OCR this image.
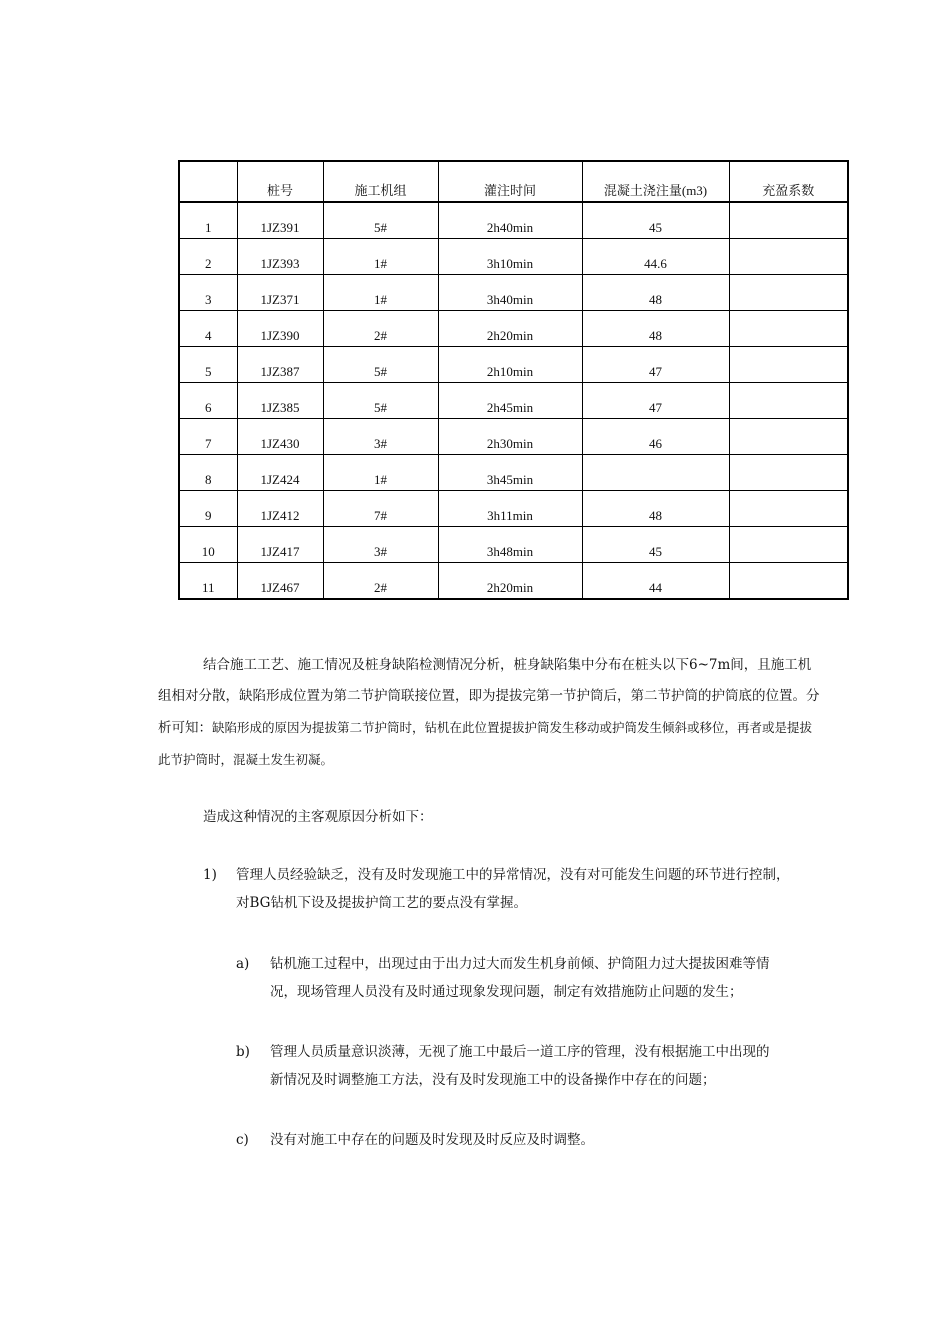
	桩号	施工机组	灌注时间	混凝土浇注量(m3)	充盈系数
1	1JZ391	5#	2h40min	45	
2	1JZ393	1#	3h10min	44.6	
3	1JZ371	1#	3h40min	48	
4	1JZ390	2#	2h20min	48	
5	1JZ387	5#	2h10min	47	
6	1JZ385	5#	2h45min	47	
7	1JZ430	3#	2h30min	46	
8	1JZ424	1#	3h45min		
9	1JZ412	7#	3h11min	48	
10	1JZ417	3#	3h48min	45	
11	1JZ467	2#	2h20min	44	

结合施工工艺、施工情况及桩身缺陷检测情况分析，桩身缺陷集中分布在桩头以下6~7m间，且施工机组相对分散，缺陷形成位置为第二节护筒联接位置，即为提拔完第一节护筒后，第二节护筒的护筒底的位置。分析可知：缺陷形成的原因为提拔第二节护筒时，钻机在此位置提拔护筒发生移动或护筒发生倾斜或移位，再者或是提拔此节护筒时，混凝土发生初凝。

造成这种情况的主客观原因分析如下：

1)	管理人员经验缺乏，没有及时发现施工中的异常情况，没有对可能发生问题的环节进行控制，

对BG钻机下设及提拔护筒工艺的要点没有掌握。

a)	钻机施工过程中，出现过由于出力过大而发生机身前倾、护筒阻力过大提拔困难等情

况，现场管理人员没有及时通过现象发现问题，制定有效措施防止问题的发生；

b)	管理人员质量意识淡薄，无视了施工中最后一道工序的管理，没有根据施工中出现的

新情况及时调整施工方法，没有及时发现施工中的设备操作中存在的问题；

c)	没有对施工中存在的问题及时发现及时反应及时调整。
